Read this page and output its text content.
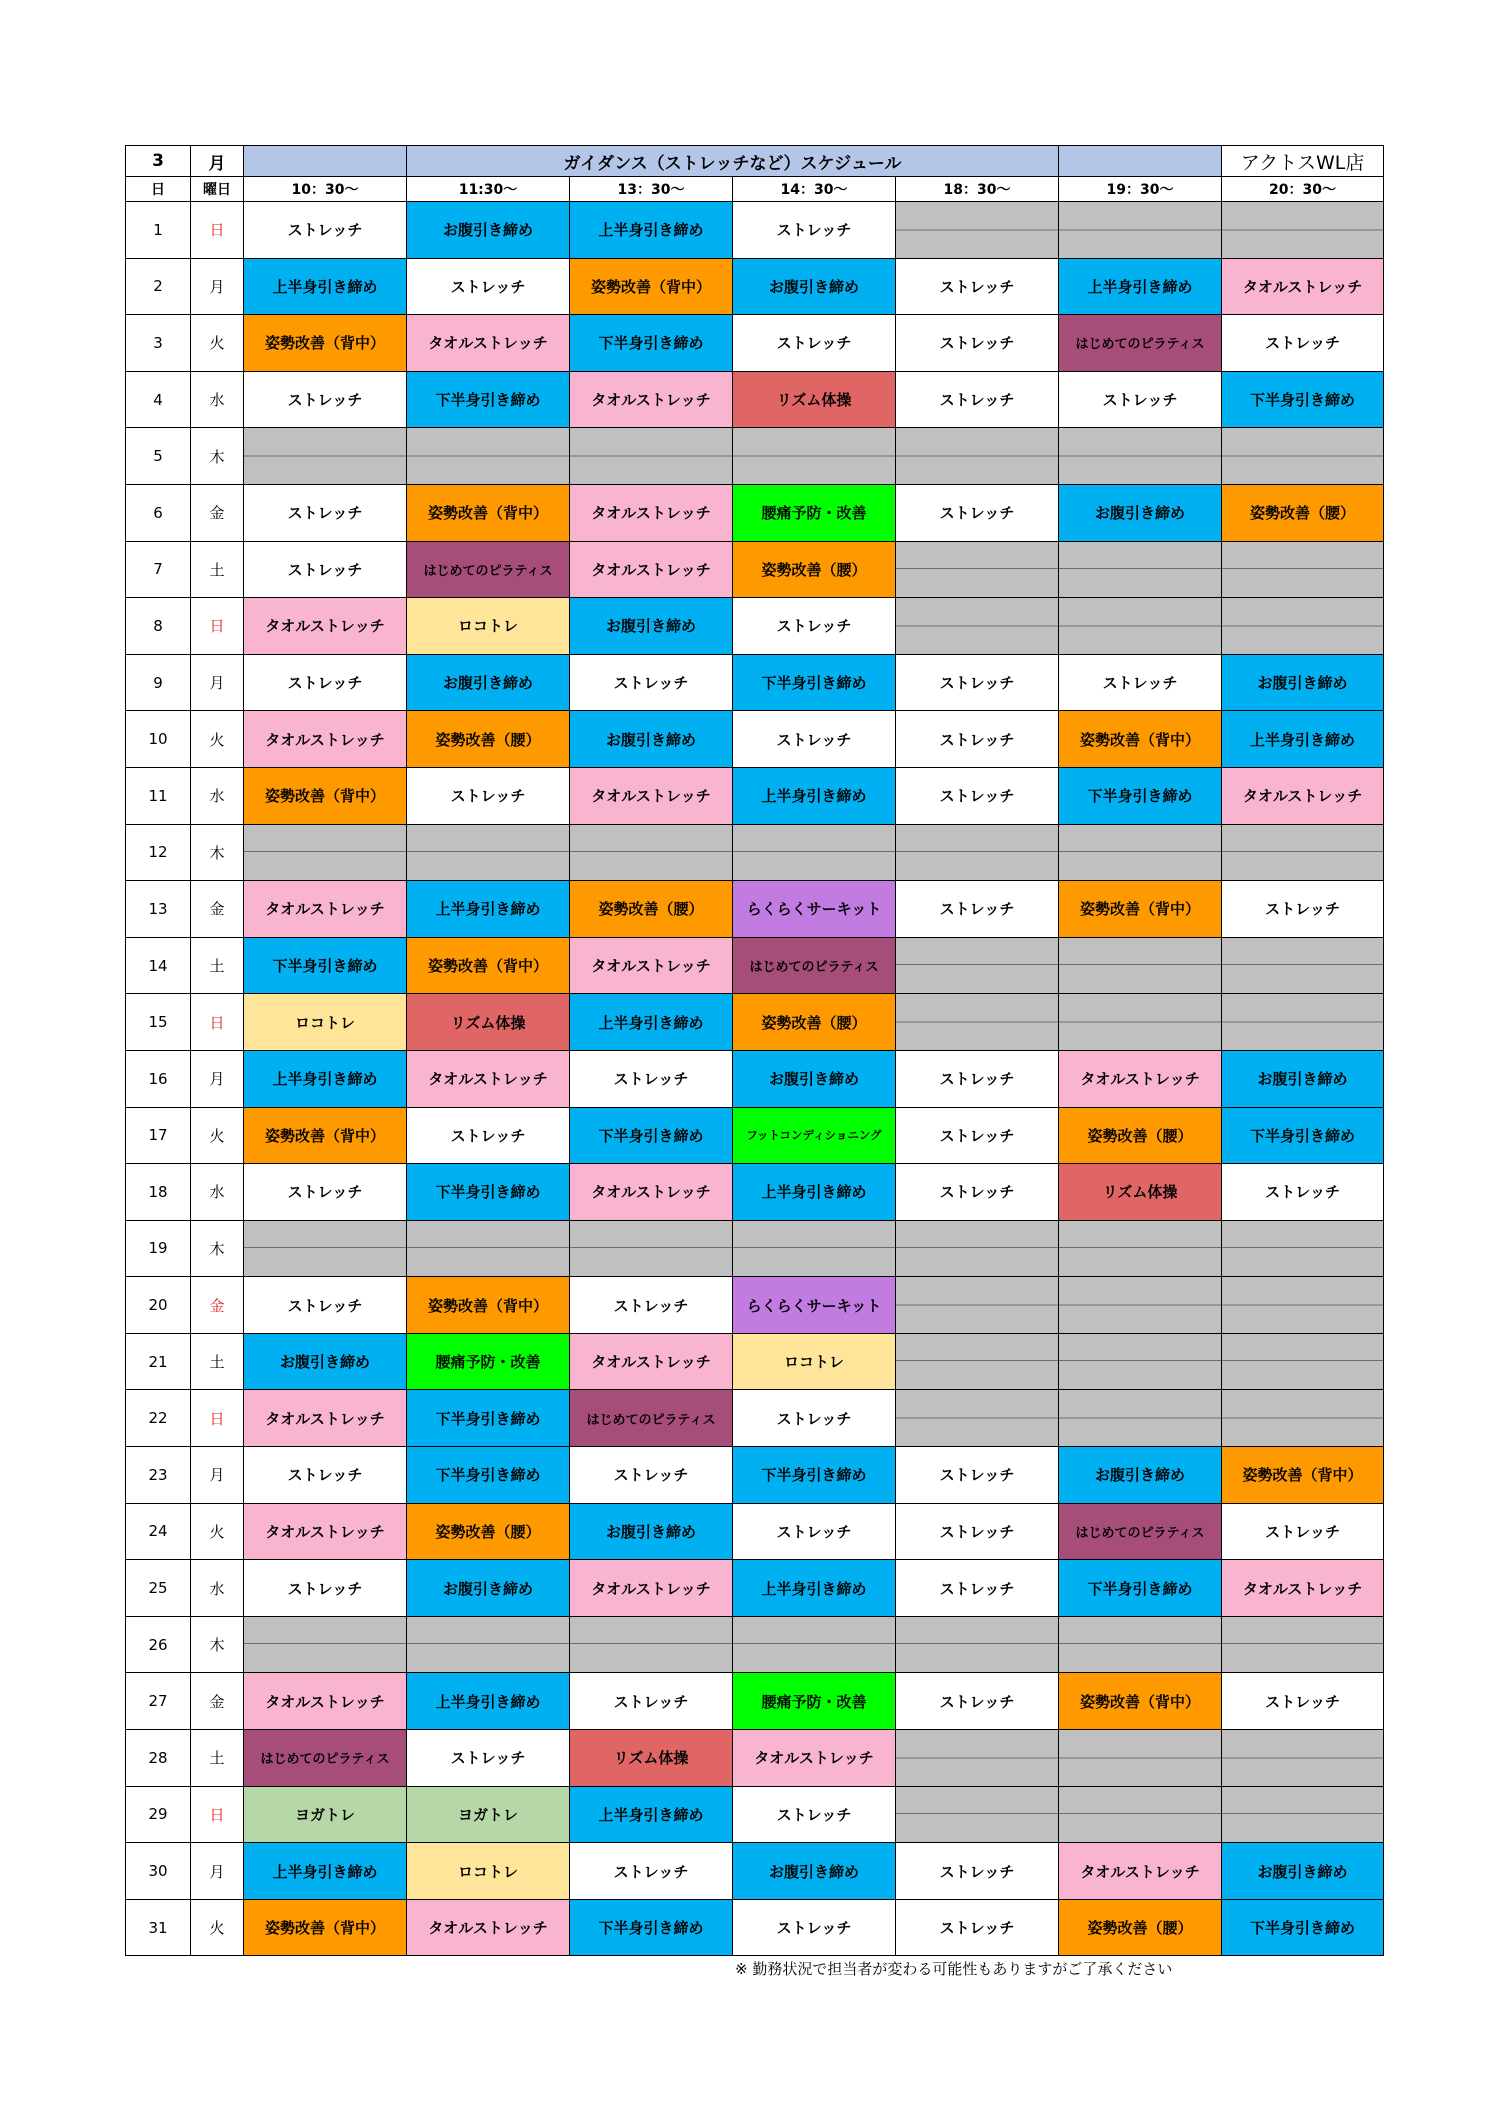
3	月		ガイダンス（ストレッチなど）スケジュール					アクトスWL店
日	曜日	10：30～	11:30～	13：30～	14：30～	18：30～	19：30～	20：30～
1	日	ストレッチ	お腹引き締め	上半身引き締め	ストレッチ			
2	月	上半身引き締め	ストレッチ	姿勢改善（背中）	お腹引き締め	ストレッチ	上半身引き締め	タオルストレッチ
3	火	姿勢改善（背中）	タオルストレッチ	下半身引き締め	ストレッチ	ストレッチ	はじめてのピラティス	ストレッチ
4	水	ストレッチ	下半身引き締め	タオルストレッチ	リズム体操	ストレッチ	ストレッチ	下半身引き締め
5	木							
6	金	ストレッチ	姿勢改善（背中）	タオルストレッチ	腰痛予防・改善	ストレッチ	お腹引き締め	姿勢改善（腰）
7	土	ストレッチ	はじめてのピラティス	タオルストレッチ	姿勢改善（腰）			
8	日	タオルストレッチ	ロコトレ	お腹引き締め	ストレッチ			
9	月	ストレッチ	お腹引き締め	ストレッチ	下半身引き締め	ストレッチ	ストレッチ	お腹引き締め
10	火	タオルストレッチ	姿勢改善（腰）	お腹引き締め	ストレッチ	ストレッチ	姿勢改善（背中）	上半身引き締め
11	水	姿勢改善（背中）	ストレッチ	タオルストレッチ	上半身引き締め	ストレッチ	下半身引き締め	タオルストレッチ
12	木							
13	金	タオルストレッチ	上半身引き締め	姿勢改善（腰）	らくらくサーキット	ストレッチ	姿勢改善（背中）	ストレッチ
14	土	下半身引き締め	姿勢改善（背中）	タオルストレッチ	はじめてのピラティス			
15	日	ロコトレ	リズム体操	上半身引き締め	姿勢改善（腰）			
16	月	上半身引き締め	タオルストレッチ	ストレッチ	お腹引き締め	ストレッチ	タオルストレッチ	お腹引き締め
17	火	姿勢改善（背中）	ストレッチ	下半身引き締め	フットコンディショニング	ストレッチ	姿勢改善（腰）	下半身引き締め
18	水	ストレッチ	下半身引き締め	タオルストレッチ	上半身引き締め	ストレッチ	リズム体操	ストレッチ
19	木							
20	金	ストレッチ	姿勢改善（背中）	ストレッチ	らくらくサーキット			
21	土	お腹引き締め	腰痛予防・改善	タオルストレッチ	ロコトレ			
22	日	タオルストレッチ	下半身引き締め	はじめてのピラティス	ストレッチ			
23	月	ストレッチ	下半身引き締め	ストレッチ	下半身引き締め	ストレッチ	お腹引き締め	姿勢改善（背中）
24	火	タオルストレッチ	姿勢改善（腰）	お腹引き締め	ストレッチ	ストレッチ	はじめてのピラティス	ストレッチ
25	水	ストレッチ	お腹引き締め	タオルストレッチ	上半身引き締め	ストレッチ	下半身引き締め	タオルストレッチ
26	木							
27	金	タオルストレッチ	上半身引き締め	ストレッチ	腰痛予防・改善	ストレッチ	姿勢改善（背中）	ストレッチ
28	土	はじめてのピラティス	ストレッチ	リズム体操	タオルストレッチ			
29	日	ヨガトレ	ヨガトレ	上半身引き締め	ストレッチ			
30	月	上半身引き締め	ロコトレ	ストレッチ	お腹引き締め	ストレッチ	タオルストレッチ	お腹引き締め
31	火	姿勢改善（背中）	タオルストレッチ	下半身引き締め	ストレッチ	ストレッチ	姿勢改善（腰）	下半身引き締め
※ 勤務状況で担当者が変わる可能性もありますがご了承ください
